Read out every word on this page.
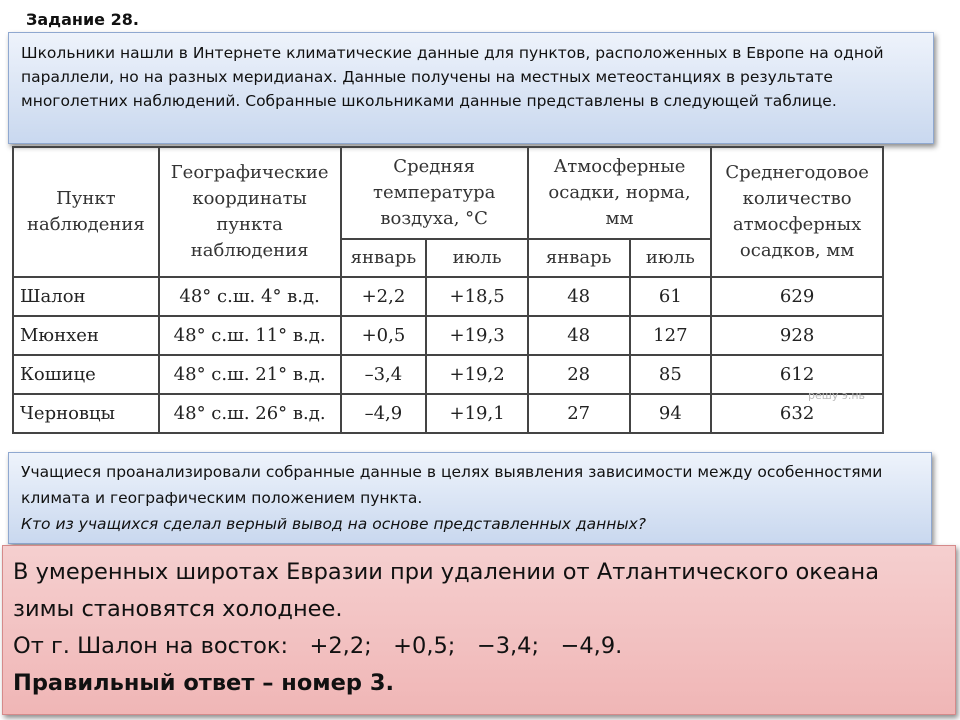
Задание 28.
Школьники нашли в Интернете климатические данные для пунктов, расположенных в Европе на одной параллели, но на разных меридианах. Данные получены на местных метеостанциях в результате многолетних наблюдений. Собранные школьниками данные представлены в следующей таблице.
Пункт наблюдения	Географические координаты пункта наблюдения	Средняя температура воздуха, °С		Атмосферные осадки, норма, мм		Среднегодовое количество атмосферных осадков, мм
		январь	июль	январь	июль	
Шалон	48° с.ш. 4° в.д.	+2,2	+18,5	48	61	629
Мюнхен	48° с.ш. 11° в.д.	+0,5	+19,3	48	127	928
Кошице	48° с.ш. 21° в.д.	–3,4	+19,2	28	85	612
Черновцы	48° с.ш. 26° в.д.	–4,9	+19,1	27	94	632
решу э.нь
Учащиеся проанализировали собранные данные в целях выявления зависимости между особенностями климата и географическим положением пункта.
Кто из учащихся сделал верный вывод на основе представленных данных?
В умеренных широтах Евразии при удалении от Атлантического океана зимы становятся холоднее.
От г. Шалон на восток:   +2,2;   +0,5;   −3,4;   −4,9.
Правильный ответ – номер 3.
